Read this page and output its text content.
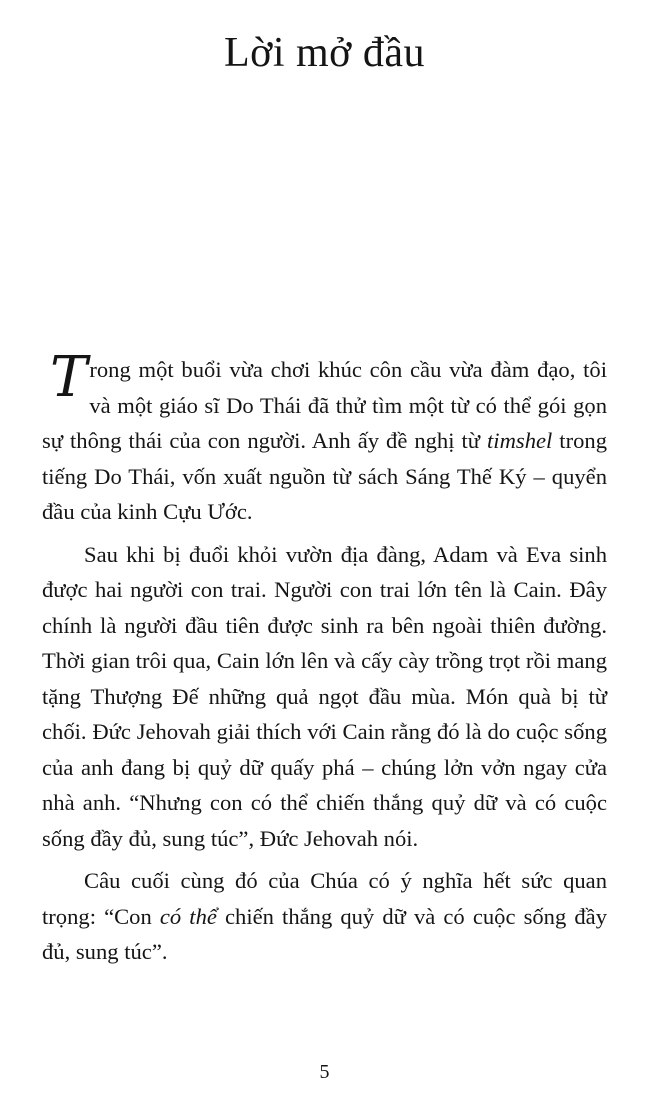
Lời mở đầu

Trong một buổi vừa chơi khúc côn cầu vừa đàm đạo, tôi và một giáo sĩ Do Thái đã thử tìm một từ có thể gói gọn sự thông thái của con người. Anh ấy đề nghị từ timshel trong tiếng Do Thái, vốn xuất nguồn từ sách Sáng Thế Ký – quyển đầu của kinh Cựu Ước.

Sau khi bị đuổi khỏi vườn địa đàng, Adam và Eva sinh được hai người con trai. Người con trai lớn tên là Cain. Đây chính là người đầu tiên được sinh ra bên ngoài thiên đường. Thời gian trôi qua, Cain lớn lên và cấy cày trồng trọt rồi mang tặng Thượng Đế những quả ngọt đầu mùa. Món quà bị từ chối. Đức Jehovah giải thích với Cain rằng đó là do cuộc sống của anh đang bị quỷ dữ quấy phá – chúng lởn vởn ngay cửa nhà anh. “Nhưng con có thể chiến thắng quỷ dữ và có cuộc sống đầy đủ, sung túc”, Đức Jehovah nói.

Câu cuối cùng đó của Chúa có ý nghĩa hết sức quan trọng: “Con có thể chiến thắng quỷ dữ và có cuộc sống đầy đủ, sung túc”.

5
